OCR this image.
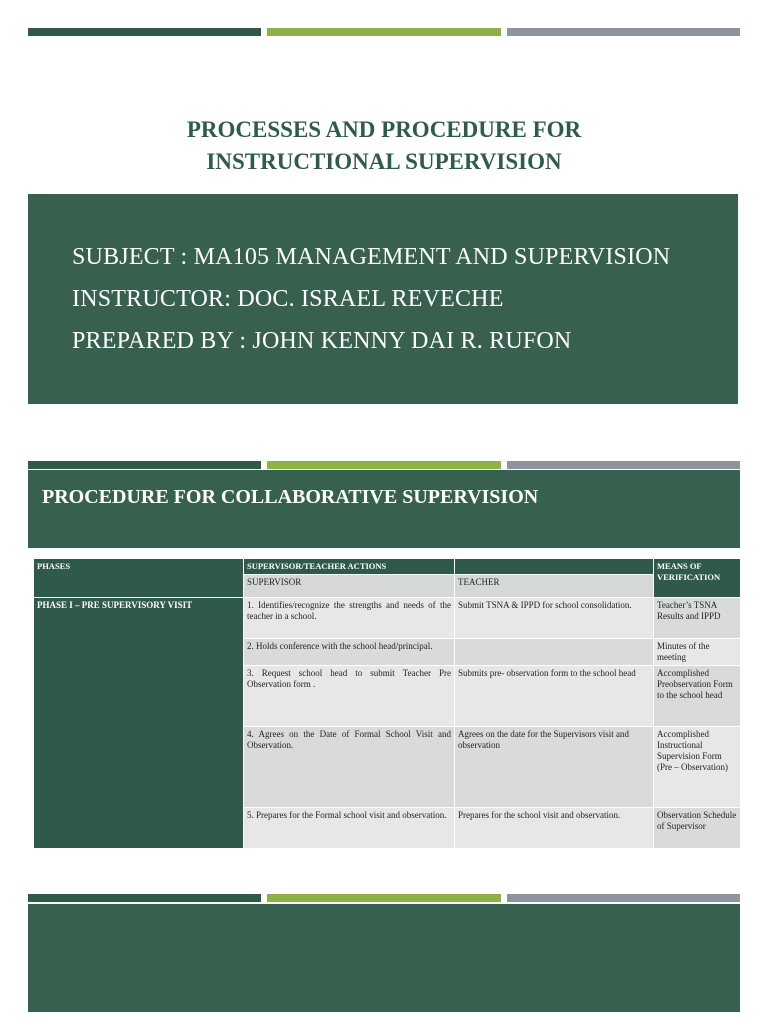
PROCESSES AND PROCEDURE FOR
INSTRUCTIONAL SUPERVISION
SUBJECT : MA105 MANAGEMENT AND SUPERVISION
INSTRUCTOR: DOC. ISRAEL REVECHE
PREPARED BY : JOHN KENNY DAI R. RUFON
PROCEDURE FOR COLLABORATIVE SUPERVISION
PHASES	SUPERVISOR/TEACHER ACTIONS		MEANS OF VERIFICATION
	SUPERVISOR	TEACHER	
PHASE I – PRE SUPERVISORY VISIT	1. Identifies/recognize the strengths and needs of the teacher in a school.	Submit TSNA & IPPD for school consolidation.	Teacher’s TSNA Results and IPPD
	2. Holds conference with the school head/principal.		Minutes of the meeting
	3. Request school head to submit Teacher Pre Observation form .	Submits pre- observation form to the school head	Accomplished Preobservation Form to the school head
	4. Agrees on the Date of Formal School Visit and Observation.	Agrees on the date for the Supervisors visit and observation	Accomplished Instructional Supervision Form (Pre – Observation)
	5. Prepares for the Formal school visit and observation.	Prepares for the school visit and observation.	Observation Schedule of Supervisor
